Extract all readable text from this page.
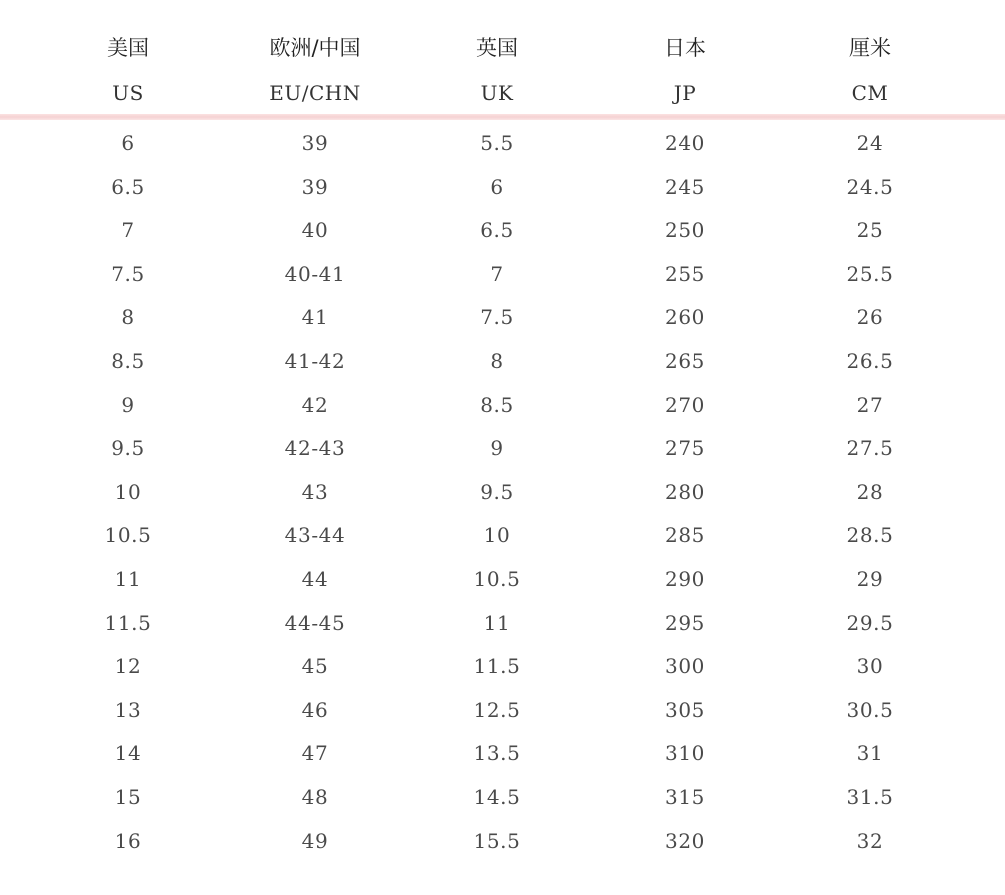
美国	欧洲/中国	英国	日本	厘米
US	EU/CHN	UK	JP	CM
6	39	5.5	240	24
6.5	39	6	245	24.5
7	40	6.5	250	25
7.5	40-41	7	255	25.5
8	41	7.5	260	26
8.5	41-42	8	265	26.5
9	42	8.5	270	27
9.5	42-43	9	275	27.5
10	43	9.5	280	28
10.5	43-44	10	285	28.5
11	44	10.5	290	29
11.5	44-45	11	295	29.5
12	45	11.5	300	30
13	46	12.5	305	30.5
14	47	13.5	310	31
15	48	14.5	315	31.5
16	49	15.5	320	32
